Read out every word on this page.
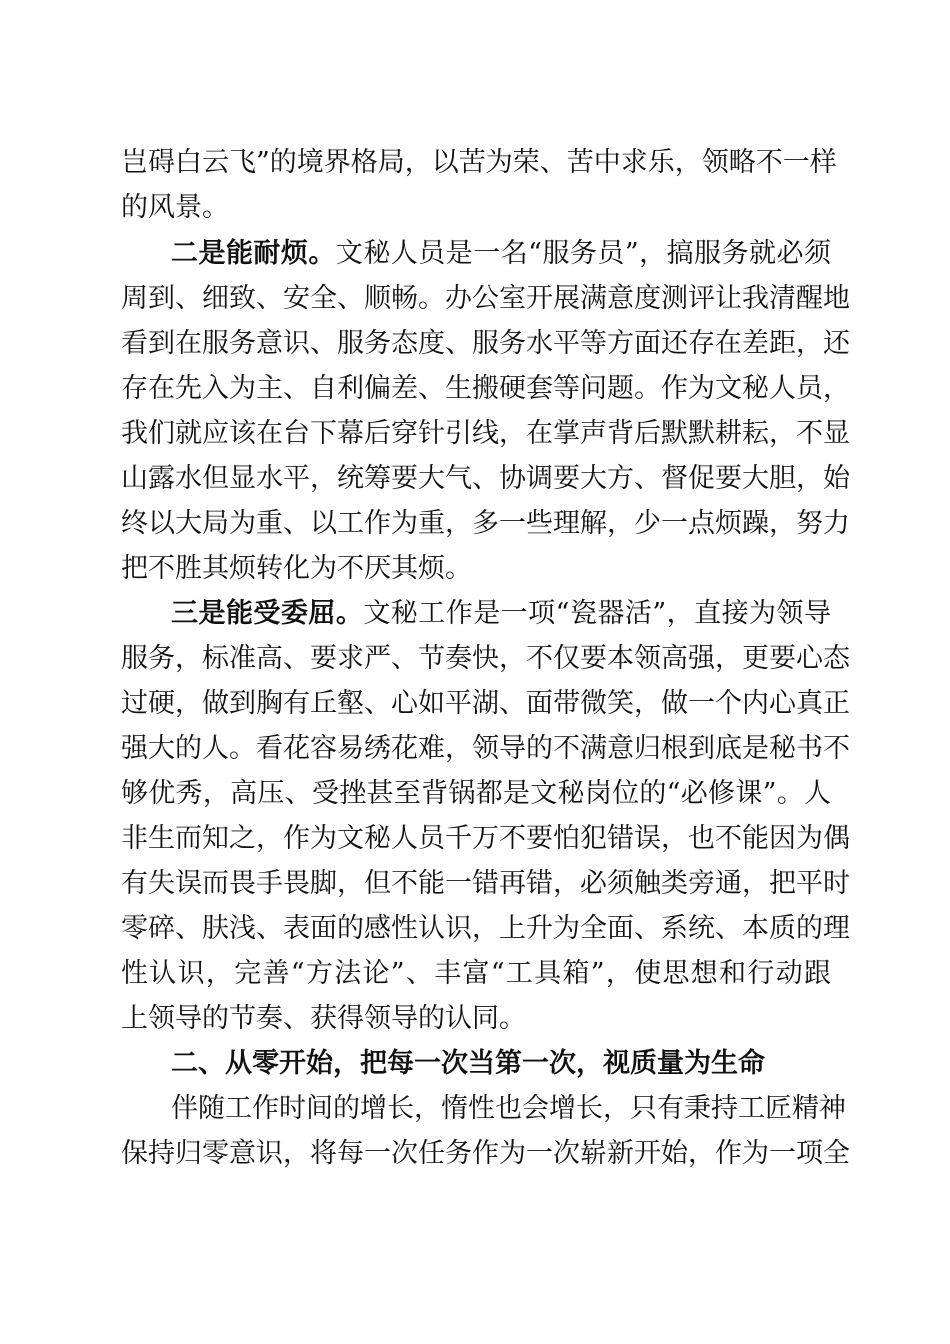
岂碍白云飞”的境界格局，以苦为荣、苦中求乐，领略不一样
的风景。
二是能耐烦。文秘人员是一名“服务员”，搞服务就必须
周到、细致、安全、顺畅。办公室开展满意度测评让我清醒地
看到在服务意识、服务态度、服务水平等方面还存在差距，还
存在先入为主、自利偏差、生搬硬套等问题。作为文秘人员，
我们就应该在台下幕后穿针引线，在掌声背后默默耕耘，不显
山露水但显水平，统筹要大气、协调要大方、督促要大胆，始
终以大局为重、以工作为重，多一些理解，少一点烦躁，努力
把不胜其烦转化为不厌其烦。
三是能受委屈。文秘工作是一项“瓷器活”，直接为领导
服务，标准高、要求严、节奏快，不仅要本领高强，更要心态
过硬，做到胸有丘壑、心如平湖、面带微笑，做一个内心真正
强大的人。看花容易绣花难，领导的不满意归根到底是秘书不
够优秀，高压、受挫甚至背锅都是文秘岗位的“必修课”。人
非生而知之，作为文秘人员千万不要怕犯错误，也不能因为偶
有失误而畏手畏脚，但不能一错再错，必须触类旁通，把平时
零碎、肤浅、表面的感性认识，上升为全面、系统、本质的理
性认识，完善“方法论”、丰富“工具箱”，使思想和行动跟
上领导的节奏、获得领导的认同。
二、从零开始，把每一次当第一次，视质量为生命
伴随工作时间的增长，惰性也会增长，只有秉持工匠精神
保持归零意识，将每一次任务作为一次崭新开始，作为一项全
